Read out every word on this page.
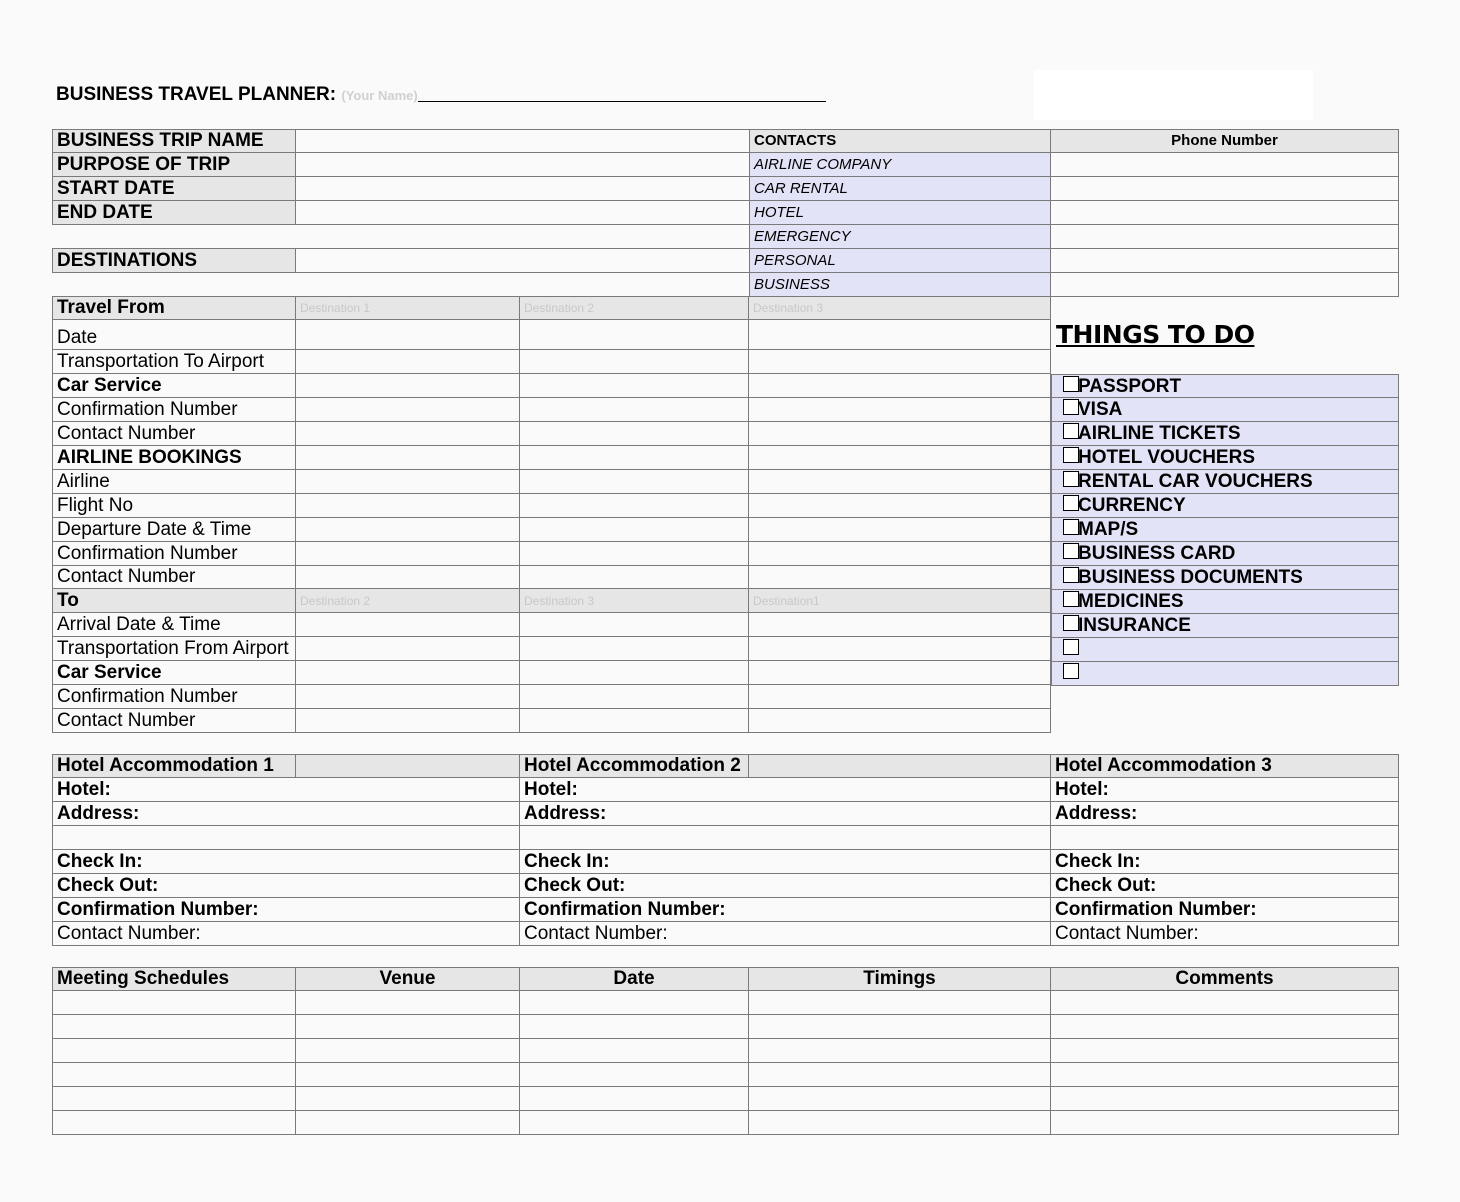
BUSINESS TRAVEL PLANNER: (Your Name)
BUSINESS TRIP NAME
PURPOSE OF TRIP
START DATE
END DATE
DESTINATIONS
CONTACTS	Phone Number
AIRLINE COMPANY
CAR RENTAL
HOTEL
EMERGENCY
PERSONAL
BUSINESS
Travel From	Destination 1	Destination 2	Destination 3
Date
Transportation To Airport
Car Service
Confirmation Number
Contact Number
AIRLINE BOOKINGS
Airline
Flight No
Departure Date & Time
Confirmation Number
Contact Number
To	Destination 2	Destination 3	Destination1
Arrival Date & Time
Transportation From Airport
Car Service
Confirmation Number
Contact Number
THINGS TO DO
PASSPORT
VISA
AIRLINE TICKETS
HOTEL VOUCHERS
RENTAL CAR VOUCHERS
CURRENCY
MAP/S
BUSINESS CARD
BUSINESS DOCUMENTS
MEDICINES
INSURANCE
Hotel Accommodation 1	Hotel Accommodation 2	Hotel Accommodation 3
Hotel:	Hotel:	Hotel:
Address:	Address:	Address:
Check In:	Check In:	Check In:
Check Out:	Check Out:	Check Out:
Confirmation Number:	Confirmation Number:	Confirmation Number:
Contact Number:	Contact Number:	Contact Number:
Meeting Schedules	Venue	Date	Timings	Comments
